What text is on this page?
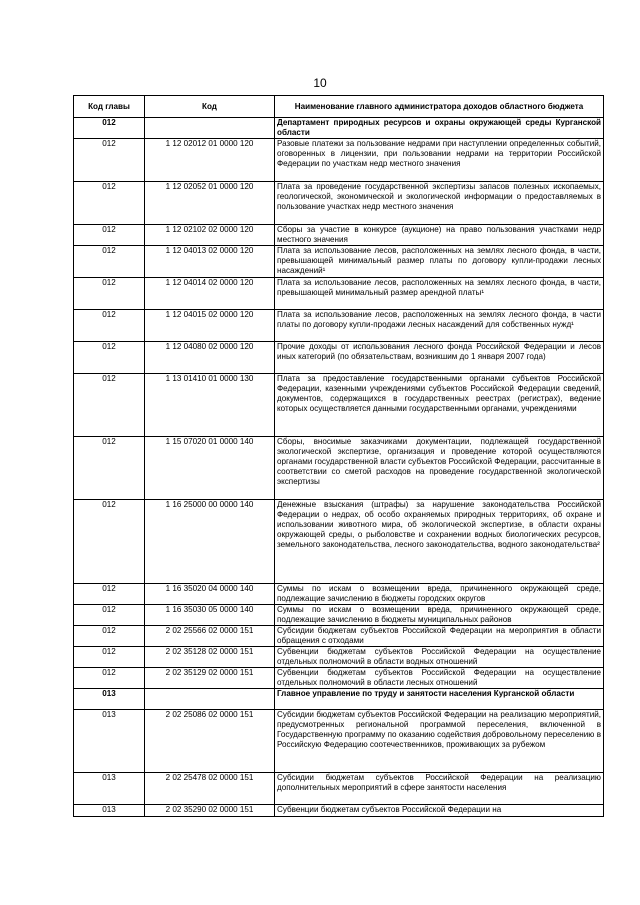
10
Код главы	Код	Наименование главного администратора доходов областного бюджета
012		Департамент природных ресурсов и охраны окружающей среды Курганской области
012	1 12 02012 01 0000 120	Разовые платежи за пользование недрами при наступлении определенных событий, оговоренных в лицензии, при пользовании недрами на территории Российской Федерации по участкам недр местного значения
012	1 12 02052 01 0000 120	Плата за проведение государственной экспертизы запасов полезных ископаемых, геологической, экономической и экологической информации о предоставляемых в пользование участках недр местного значения
012	1 12 02102 02 0000 120	Сборы за участие в конкурсе (аукционе) на право пользования участками недр местного значения
012	1 12 04013 02 0000 120	Плата за использование лесов, расположенных на землях лесного фонда, в части, превышающей минимальный размер платы по договору купли-продажи лесных насаждений¹
012	1 12 04014 02 0000 120	Плата за использование лесов, расположенных на землях лесного фонда, в части, превышающей минимальный размер арендной платы¹
012	1 12 04015 02 0000 120	Плата за использование лесов, расположенных на землях лесного фонда, в части платы по договору купли-продажи лесных насаждений для собственных нужд¹
012	1 12 04080 02 0000 120	Прочие доходы от использования лесного фонда Российской Федерации и лесов иных категорий (по обязательствам, возникшим до 1 января 2007 года)
012	1 13 01410 01 0000 130	Плата за предоставление государственными органами субъектов Российской Федерации, казенными учреждениями субъектов Российской Федерации сведений, документов, содержащихся в государственных реестрах (регистрах), ведение которых осуществляется данными государственными органами, учреждениями
012	1 15 07020 01 0000 140	Сборы, вносимые заказчиками документации, подлежащей государственной экологической экспертизе, организация и проведение которой осуществляются органами государственной власти субъектов Российской Федерации, рассчитанные в соответствии со сметой расходов на проведение государственной экологической экспертизы
012	1 16 25000 00 0000 140	Денежные взыскания (штрафы) за нарушение законодательства Российской Федерации о недрах, об особо охраняемых природных территориях, об охране и использовании животного мира, об экологической экспертизе, в области охраны окружающей среды, о рыболовстве и сохранении водных биологических ресурсов, земельного законодательства, лесного законодательства, водного законодательства²
012	1 16 35020 04 0000 140	Суммы по искам о возмещении вреда, причиненного окружающей среде, подлежащие зачислению в бюджеты городских округов
012	1 16 35030 05 0000 140	Суммы по искам о возмещении вреда, причиненного окружающей среде, подлежащие зачислению в бюджеты муниципальных районов
012	2 02 25566 02 0000 151	Субсидии бюджетам субъектов Российской Федерации на мероприятия в области обращения с отходами
012	2 02 35128 02 0000 151	Субвенции бюджетам субъектов Российской Федерации на осуществление отдельных полномочий в области водных отношений
012	2 02 35129 02 0000 151	Субвенции бюджетам субъектов Российской Федерации на осуществление отдельных полномочий в области лесных отношений
013		Главное управление по труду и занятости населения Курганской области
013	2 02 25086 02 0000 151	Субсидии бюджетам субъектов Российской Федерации на реализацию мероприятий, предусмотренных региональной программой переселения, включенной в Государственную программу по оказанию содействия добровольному переселению в Российскую Федерацию соотечественников, проживающих за рубежом
013	2 02 25478 02 0000 151	Субсидии бюджетам субъектов Российской Федерации на реализацию дополнительных мероприятий в сфере занятости населения
013	2 02 35290 02 0000 151	Субвенции бюджетам субъектов Российской Федерации на
